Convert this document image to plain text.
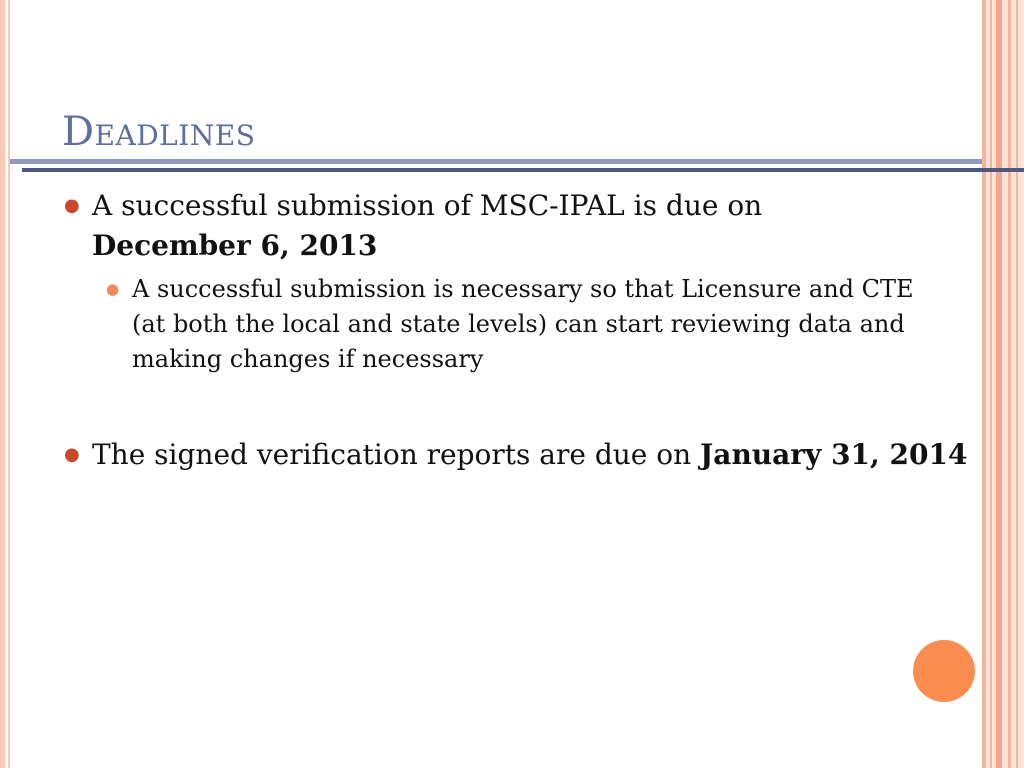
Deadlines
● A successful submission of MSC-IPAL is due on
December 6, 2013
● A successful submission is necessary so that Licensure and CTE (at both the local and state levels) can start reviewing data and making changes if necessary
● The signed verification reports are due on January 31, 2014
